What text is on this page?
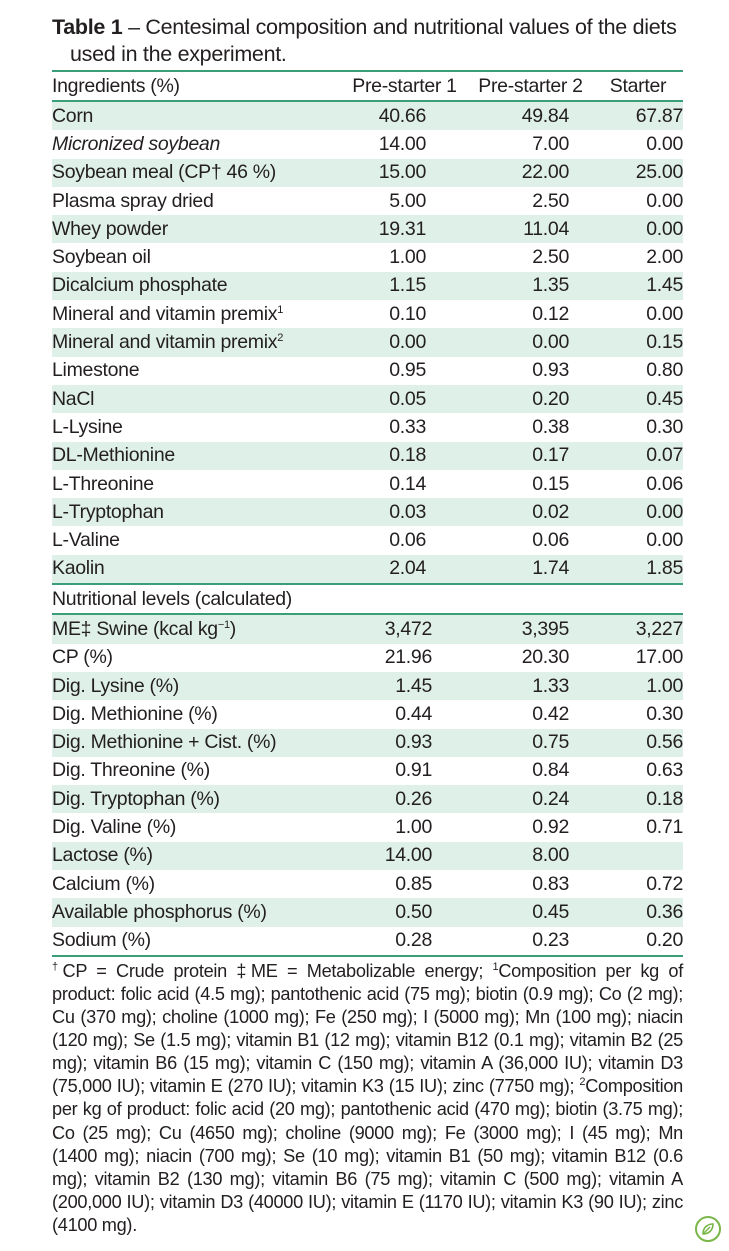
Table 1 – Centesimal composition and nutritional values of the diets
used in the experiment.
Ingredients (%)	Pre-starter 1	Pre-starter 2	Starter
Corn	40.66	49.84	67.87
Micronized soybean	14.00	7.00	0.00
Soybean meal (CP† 46 %)	15.00	22.00	25.00
Plasma spray dried	5.00	2.50	0.00
Whey powder	19.31	11.04	0.00
Soybean oil	1.00	2.50	2.00
Dicalcium phosphate	1.15	1.35	1.45
Mineral and vitamin premix$^1$	0.10	0.12	0.00
Mineral and vitamin premix$^2$	0.00	0.00	0.15
Limestone	0.95	0.93	0.80
NaCl	0.05	0.20	0.45
L-Lysine	0.33	0.38	0.30
DL-Methionine	0.18	0.17	0.07
L-Threonine	0.14	0.15	0.06
L-Tryptophan	0.03	0.02	0.00
L-Valine	0.06	0.06	0.00
Kaolin	2.04	1.74	1.85
Nutritional levels (calculated)			
ME‡ Swine (kcal $kg^{-1}$)	3,472	3,395	3,227
CP (%)	21.96	20.30	17.00
Dig. Lysine (%)	1.45	1.33	1.00
Dig. Methionine (%)	0.44	0.42	0.30
Dig. Methionine + Cist. (%)	0.93	0.75	0.56
Dig. Threonine (%)	0.91	0.84	0.63
Dig. Tryptophan (%)	0.26	0.24	0.18
Dig. Valine (%)	1.00	0.92	0.71
Lactose (%)	14.00	8.00	
Calcium (%)	0.85	0.83	0.72
Available phosphorus (%)	0.50	0.45	0.36
Sodium (%)	0.28	0.23	0.20
†CP = Crude protein ‡ME = Metabolizable energy; $^1$Composition per kg of product: folic acid (4.5 mg); pantothenic acid (75 mg); biotin (0.9 mg); Co (2 mg); Cu (370 mg); choline (1000 mg); Fe (250 mg); I (5000 mg); Mn (100 mg); niacin (120 mg); Se (1.5 mg); vitamin B1 (12 mg); vitamin B12 (0.1 mg); vitamin B2 (25 mg); vitamin B6 (15 mg); vitamin C (150 mg); vitamin A (36,000 IU); vitamin D3 (75,000 IU); vitamin E (270 IU); vitamin K3 (15 IU); zinc (7750 mg); $^2$Composition per kg of product: folic acid (20 mg); pantothenic acid (470 mg); biotin (3.75 mg); Co (25 mg); Cu (4650 mg); choline (9000 mg); Fe (3000 mg); I (45 mg); Mn (1400 mg); niacin (700 mg); Se (10 mg); vitamin B1 (50 mg); vitamin B12 (0.6 mg); vitamin B2 (130 mg); vitamin B6 (75 mg); vitamin C (500 mg); vitamin A (200,000 IU); vitamin D3 (40000 IU); vitamin E (1170 IU); vitamin K3 (90 IU); zinc (4100 mg).
